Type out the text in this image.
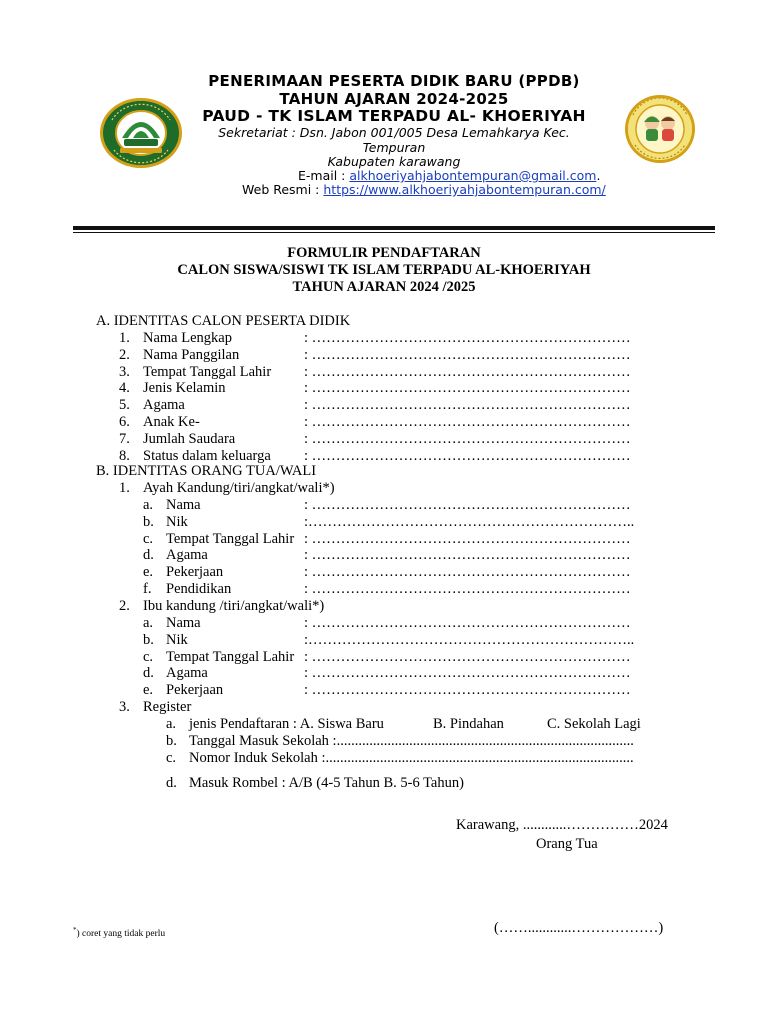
PENERIMAAN PESERTA DIDIK BARU (PPDB)
TAHUN AJARAN 2024-2025
PAUD - TK ISLAM TERPADU AL- KHOERIYAH
Sekretariat : Dsn. Jabon 001/005 Desa Lemahkarya Kec.
Tempuran
Kabupaten karawang
E-mail : alkhoeriyahjabontempuran@gmail.com.
Web Resmi : https://www.alkhoeriyahjabontempuran.com/
FORMULIR PENDAFTARAN
CALON SISWA/SISWI TK ISLAM TERPADU AL-KHOERIYAH
TAHUN AJARAN 2024 /2025
A. IDENTITAS CALON PESERTA DIDIK
1. Nama Lengkap	: …………………………………………………………
2. Nama Panggilan	: …………………………………………………………
3. Tempat Tanggal Lahir : …………………………………………………………
4. Jenis Kelamin	: …………………………………………………………
5. Agama	: …………………………………………………………
6. Anak Ke-	: …………………………………………………………
7. Jumlah Saudara	: …………………………………………………………
8. Status dalam keluarga : …………………………………………………………
B. IDENTITAS ORANG TUA/WALI
1. Ayah Kandung/tiri/angkat/wali*)
a. Nama	: …………………………………………………………
b. Nik	:…………………………………………………………..
c. Tempat Tanggal Lahir : …………………………………………………………
d. Agama	: …………………………………………………………
e. Pekerjaan	: …………………………………………………………
f. Pendidikan	: …………………………………………………………
2. Ibu kandung /tiri/angkat/wali*)
a. Nama	: …………………………………………………………
b. Nik	:…………………………………………………………..
c. Tempat Tanggal Lahir : …………………………………………………………
d. Agama	: …………………………………………………………
e. Pekerjaan	: …………………………………………………………
3. Register
a. jenis Pendaftaran : A. Siswa Baru	B. Pindahan	C. Sekolah Lagi
b. Tanggal Masuk Sekolah :..................................................................................
c. Nomor Induk Sekolah :.....................................................................................
d. Masuk Rombel : A/B (4-5 Tahun B. 5-6 Tahun)
Karawang, ............……………2024
Orang Tua
(……............………………)
*) coret yang tidak perlu
